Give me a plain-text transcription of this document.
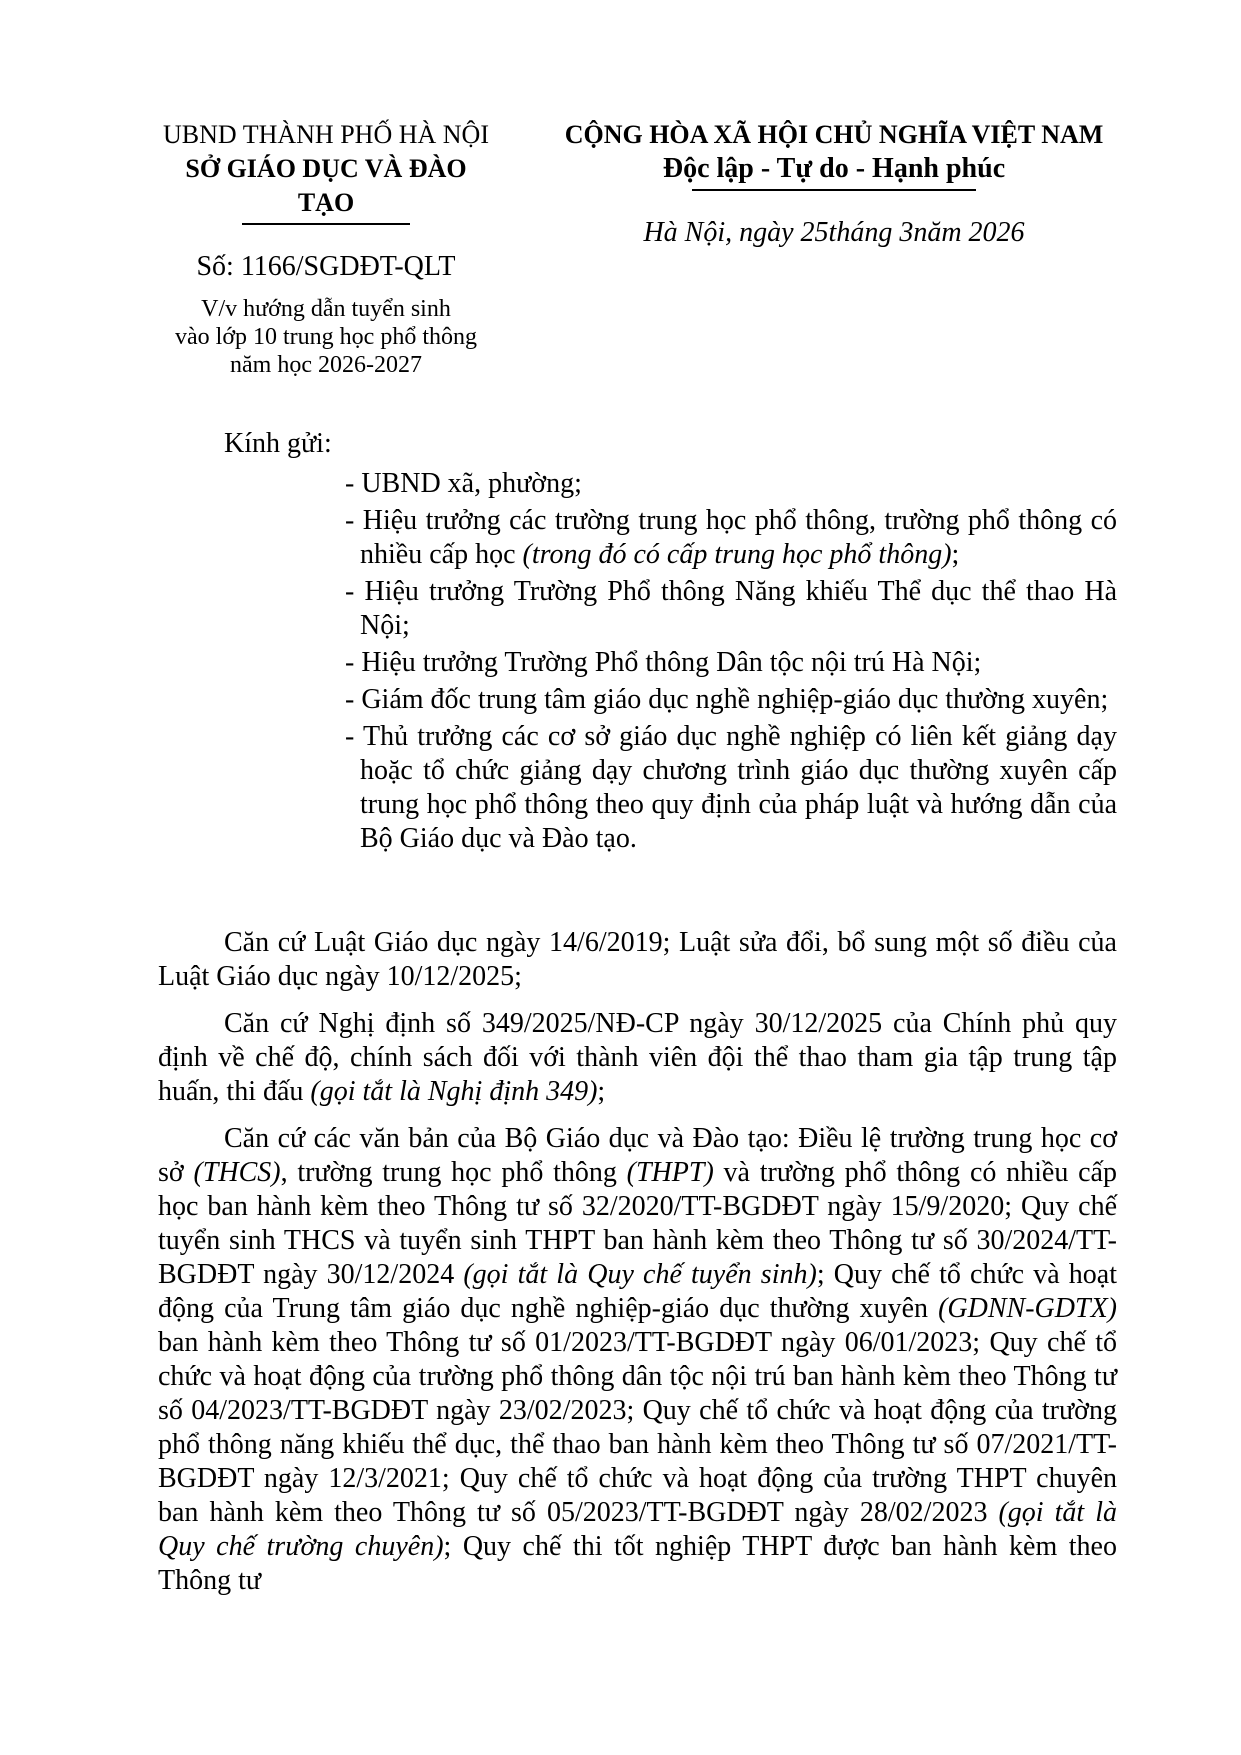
UBND THÀNH PHỐ HÀ NỘI
SỞ GIÁO DỤC VÀ ĐÀO TẠO
Số: 1166/SGDĐT-QLT
V/v hướng dẫn tuyển sinh
vào lớp 10 trung học phổ thông
năm học 2026-2027
CỘNG HÒA XÃ HỘI CHỦ NGHĨA VIỆT NAM
Độc lập - Tự do - Hạnh phúc
Hà Nội, ngày 25tháng 3năm 2026
Kính gửi:
- UBND xã, phường;
- Hiệu trưởng các trường trung học phổ thông, trường phổ thông có nhiều cấp học (trong đó có cấp trung học phổ thông);
- Hiệu trưởng Trường Phổ thông Năng khiếu Thể dục thể thao Hà Nội;
- Hiệu trưởng Trường Phổ thông Dân tộc nội trú Hà Nội;
- Giám đốc trung tâm giáo dục nghề nghiệp-giáo dục thường xuyên;
- Thủ trưởng các cơ sở giáo dục nghề nghiệp có liên kết giảng dạy hoặc tổ chức giảng dạy chương trình giáo dục thường xuyên cấp trung học phổ thông theo quy định của pháp luật và hướng dẫn của Bộ Giáo dục và Đào tạo.

Căn cứ Luật Giáo dục ngày 14/6/2019; Luật sửa đổi, bổ sung một số điều của Luật Giáo dục ngày 10/12/2025;

Căn cứ Nghị định số 349/2025/NĐ-CP ngày 30/12/2025 của Chính phủ quy định về chế độ, chính sách đối với thành viên đội thể thao tham gia tập trung tập huấn, thi đấu (gọi tắt là Nghị định 349);

Căn cứ các văn bản của Bộ Giáo dục và Đào tạo: Điều lệ trường trung học cơ sở (THCS), trường trung học phổ thông (THPT) và trường phổ thông có nhiều cấp học ban hành kèm theo Thông tư số 32/2020/TT-BGDĐT ngày 15/9/2020; Quy chế tuyển sinh THCS và tuyển sinh THPT ban hành kèm theo Thông tư số 30/2024/TT-BGDĐT ngày 30/12/2024 (gọi tắt là Quy chế tuyển sinh); Quy chế tổ chức và hoạt động của Trung tâm giáo dục nghề nghiệp-giáo dục thường xuyên (GDNN-GDTX) ban hành kèm theo Thông tư số 01/2023/TT-BGDĐT ngày 06/01/2023; Quy chế tổ chức và hoạt động của trường phổ thông dân tộc nội trú ban hành kèm theo Thông tư số 04/2023/TT-BGDĐT ngày 23/02/2023; Quy chế tổ chức và hoạt động của trường phổ thông năng khiếu thể dục, thể thao ban hành kèm theo Thông tư số 07/2021/TT-BGDĐT ngày 12/3/2021; Quy chế tổ chức và hoạt động của trường THPT chuyên ban hành kèm theo Thông tư số 05/2023/TT-BGDĐT ngày 28/02/2023 (gọi tắt là Quy chế trường chuyên); Quy chế thi tốt nghiệp THPT được ban hành kèm theo Thông tư
